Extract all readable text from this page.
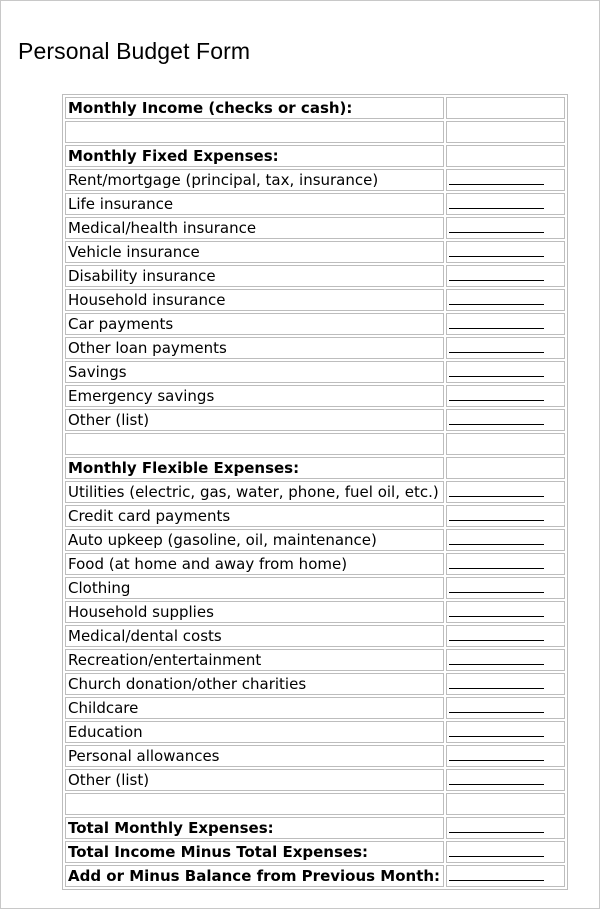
Personal Budget Form
Monthly Income (checks or cash):	

Monthly Fixed Expenses:	
Rent/mortgage (principal, tax, insurance)	
Life insurance	
Medical/health insurance	
Vehicle insurance	
Disability insurance	
Household insurance	
Car payments	
Other loan payments	
Savings	
Emergency savings	
Other (list)	

Monthly Flexible Expenses:	
Utilities (electric, gas, water, phone, fuel oil, etc.)	
Credit card payments	
Auto upkeep (gasoline, oil, maintenance)	
Food (at home and away from home)	
Clothing	
Household supplies	
Medical/dental costs	
Recreation/entertainment	
Church donation/other charities	
Childcare	
Education	
Personal allowances	
Other (list)	

Total Monthly Expenses:	
Total Income Minus Total Expenses:	
Add or Minus Balance from Previous Month:	
